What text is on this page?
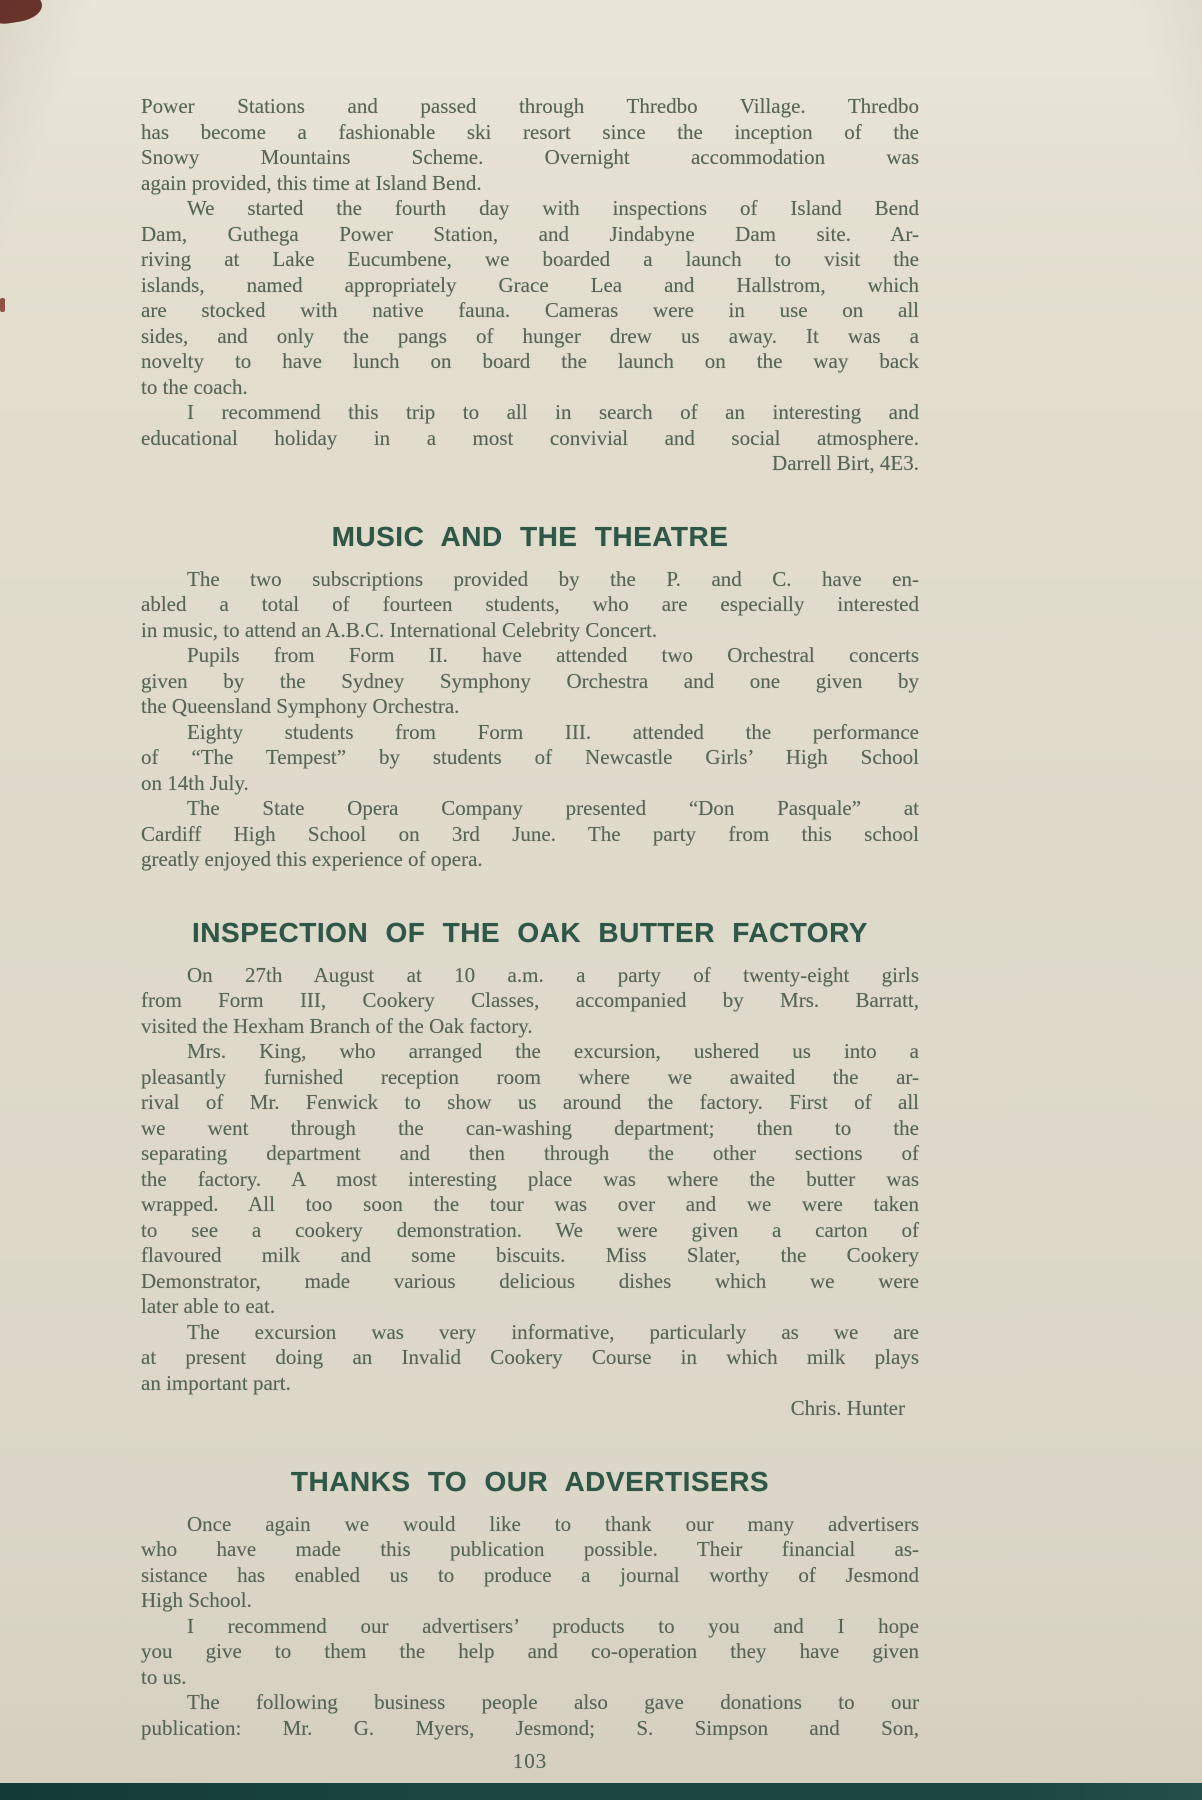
Power Stations and passed through Thredbo Village. Thredbo
has become a fashionable ski resort since the inception of the
Snowy Mountains Scheme. Overnight accommodation was
again provided, this time at Island Bend.
We started the fourth day with inspections of Island Bend
Dam, Guthega Power Station, and Jindabyne Dam site. Ar-
riving at Lake Eucumbene, we boarded a launch to visit the
islands, named appropriately Grace Lea and Hallstrom, which
are stocked with native fauna. Cameras were in use on all
sides, and only the pangs of hunger drew us away. It was a
novelty to have lunch on board the launch on the way back
to the coach.
I recommend this trip to all in search of an interesting and
educational holiday in a most convivial and social atmosphere.
Darrell Birt, 4E3.
MUSIC AND THE THEATRE
The two subscriptions provided by the P. and C. have en-
abled a total of fourteen students, who are especially interested
in music, to attend an A.B.C. International Celebrity Concert.
Pupils from Form II. have attended two Orchestral concerts
given by the Sydney Symphony Orchestra and one given by
the Queensland Symphony Orchestra.
Eighty students from Form III. attended the performance
of “The Tempest” by students of Newcastle Girls’ High School
on 14th July.
The State Opera Company presented “Don Pasquale” at
Cardiff High School on 3rd June. The party from this school
greatly enjoyed this experience of opera.
INSPECTION OF THE OAK BUTTER FACTORY
On 27th August at 10 a.m. a party of twenty-eight girls
from Form III, Cookery Classes, accompanied by Mrs. Barratt,
visited the Hexham Branch of the Oak factory.
Mrs. King, who arranged the excursion, ushered us into a
pleasantly furnished reception room where we awaited the ar-
rival of Mr. Fenwick to show us around the factory. First of all
we went through the can-washing department; then to the
separating department and then through the other sections of
the factory. A most interesting place was where the butter was
wrapped. All too soon the tour was over and we were taken
to see a cookery demonstration. We were given a carton of
flavoured milk and some biscuits. Miss Slater, the Cookery
Demonstrator, made various delicious dishes which we were
later able to eat.
The excursion was very informative, particularly as we are
at present doing an Invalid Cookery Course in which milk plays
an important part.
Chris. Hunter
THANKS TO OUR ADVERTISERS
Once again we would like to thank our many advertisers
who have made this publication possible. Their financial as-
sistance has enabled us to produce a journal worthy of Jesmond
High School.
I recommend our advertisers’ products to you and I hope
you give to them the help and co-operation they have given
to us.
The following business people also gave donations to our
publication: Mr. G. Myers, Jesmond; S. Simpson and Son,
103
